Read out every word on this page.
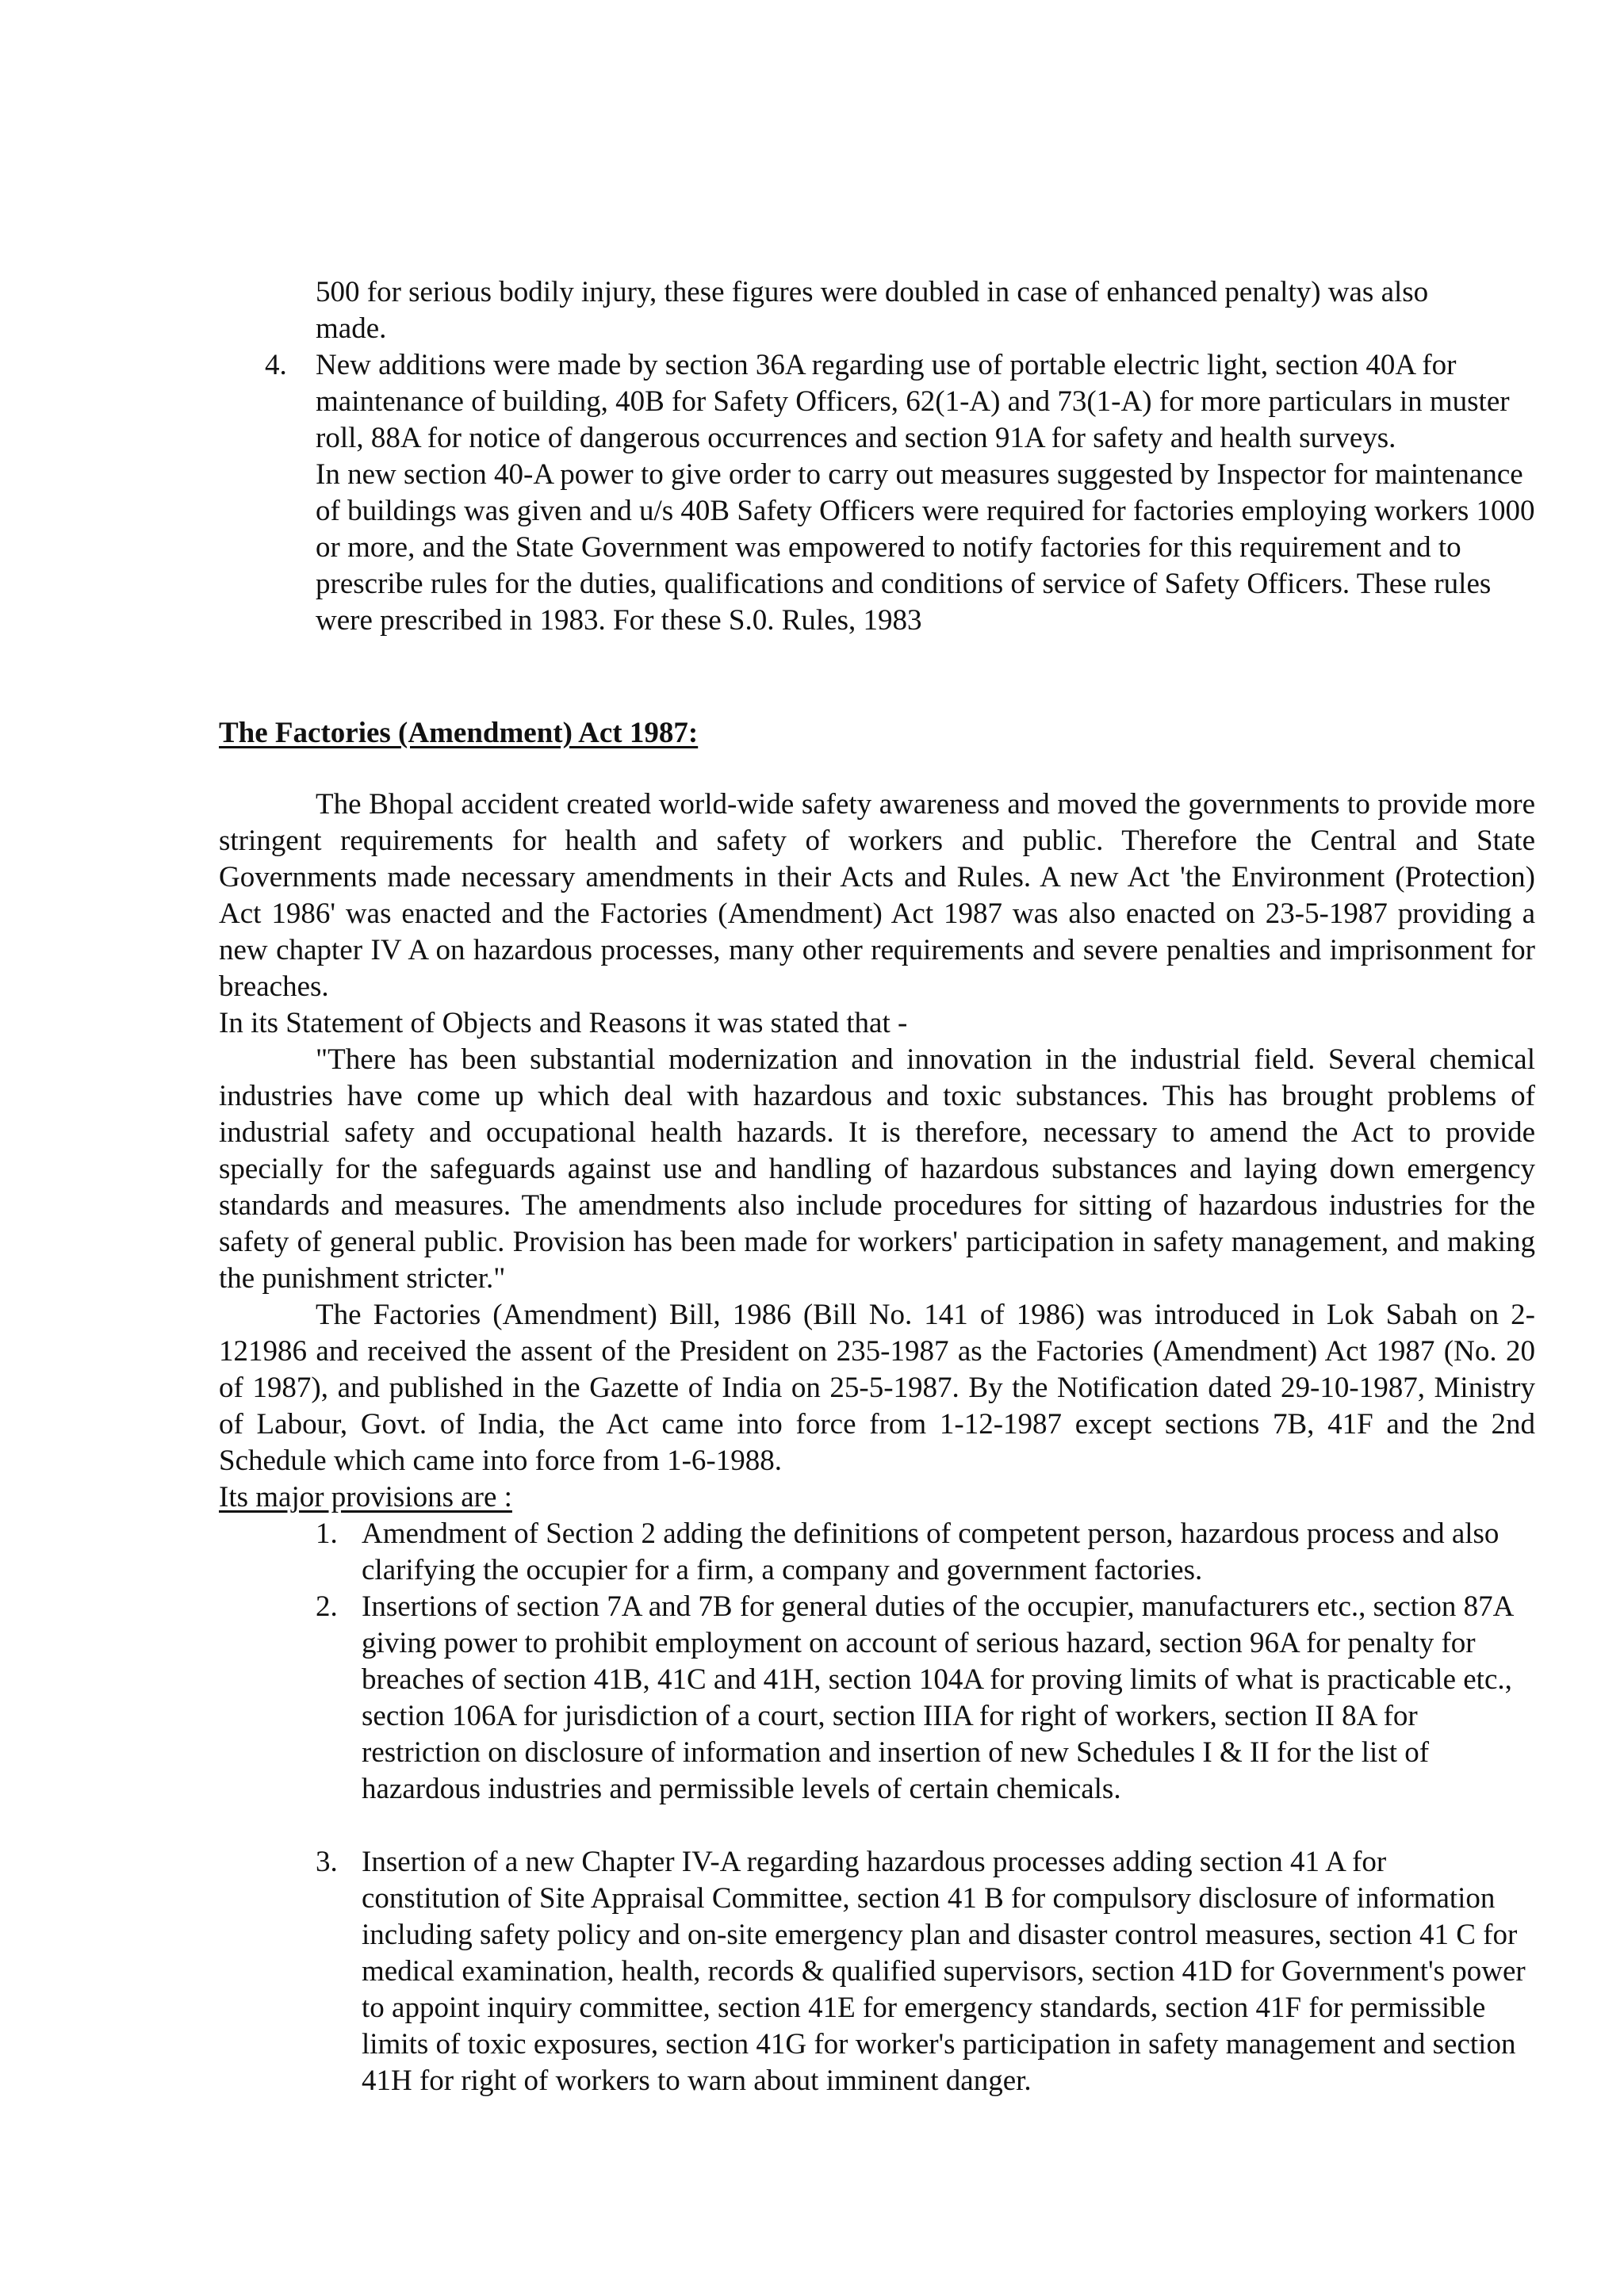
500 for serious bodily injury, these figures were doubled in case of enhanced penalty) was also

made.

4. New additions were made by section 36A regarding use of portable electric light, section 40A for maintenance of building, 40B for Safety Officers, 62(1-A) and 73(1-A) for more particulars in muster roll, 88A for notice of dangerous occurrences and section 91A for safety and health surveys.

In new section 40-A power to give order to carry out measures suggested by Inspector for maintenance of buildings was given and u/s 40B Safety Officers were required for factories employing workers 1000 or more, and the State Government was empowered to notify factories for this requirement and to prescribe rules for the duties, qualifications and conditions of service of Safety Officers. These rules were prescribed in 1983. For these S.0. Rules, 1983

The Factories (Amendment) Act 1987:

The Bhopal accident created world-wide safety awareness and moved the governments to provide more stringent requirements for health and safety of workers and public. Therefore the Central and State Governments made necessary amendments in their Acts and Rules. A new Act 'the Environment (Protection) Act 1986' was enacted and the Factories (Amendment) Act 1987 was also enacted on 23-5-1987 providing a new chapter IV A on hazardous processes, many other requirements and severe penalties and imprisonment for breaches.

In its Statement of Objects and Reasons it was stated that -

"There has been substantial modernization and innovation in the industrial field. Several chemical industries have come up which deal with hazardous and toxic substances. This has brought problems of industrial safety and occupational health hazards. It is therefore, necessary to amend the Act to provide specially for the safeguards against use and handling of hazardous substances and laying down emergency standards and measures. The amendments also include procedures for sitting of hazardous industries for the safety of general public. Provision has been made for workers' participation in safety management, and making the punishment stricter."

The Factories (Amendment) Bill, 1986 (Bill No. 141 of 1986) was introduced in Lok Sabah on 2-121986 and received the assent of the President on 235-1987 as the Factories (Amendment) Act 1987 (No. 20 of 1987), and published in the Gazette of India on 25-5-1987. By the Notification dated 29-10-1987, Ministry of Labour, Govt. of India, the Act came into force from 1-12-1987 except sections 7B, 41F and the 2nd Schedule which came into force from 1-6-1988.

Its major provisions are :

1. Amendment of Section 2 adding the definitions of competent person, hazardous process and also clarifying the occupier for a firm, a company and government factories.
2. Insertions of section 7A and 7B for general duties of the occupier, manufacturers etc., section 87A giving power to prohibit employment on account of serious hazard, section 96A for penalty for breaches of section 41B, 41C and 41H, section 104A for proving limits of what is practicable etc., section 106A for jurisdiction of a court, section IIIA for right of workers, section II 8A for restriction on disclosure of information and insertion of new Schedules I & II for the list of hazardous industries and permissible levels of certain chemicals.
3. Insertion of a new Chapter IV-A regarding hazardous processes adding section 41 A for constitution of Site Appraisal Committee, section 41 B for compulsory disclosure of information including safety policy and on-site emergency plan and disaster control measures, section 41 C for medical examination, health, records & qualified supervisors, section 41D for Government's power to appoint inquiry committee, section 41E for emergency standards, section 41F for permissible limits of toxic exposures, section 41G for worker's participation in safety management and section 41H for right of workers to warn about imminent danger.
